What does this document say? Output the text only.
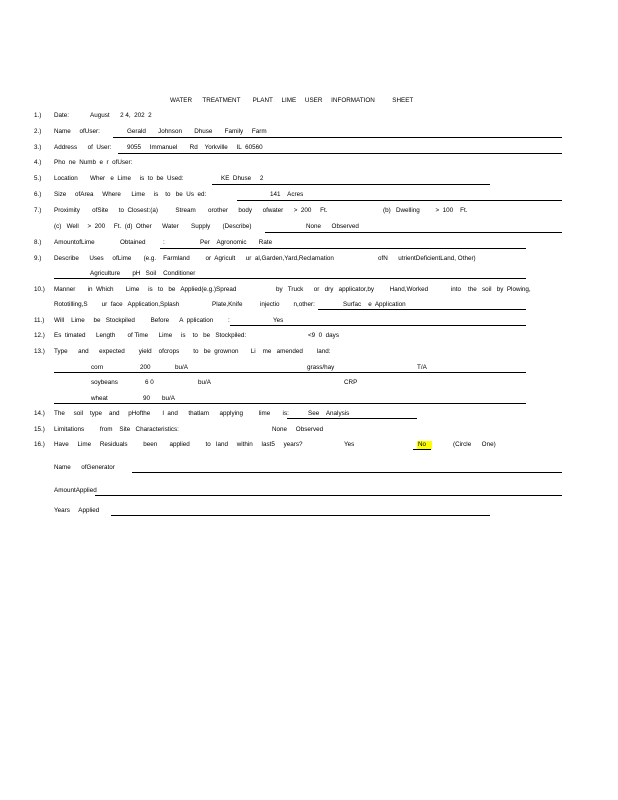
WATER      TREATMENT       PLANT     LIME     USER     INFORMATION          SHEET
1.) Date:	August      2 4,  202  2
2.) Name     ofUser:	Gerald       Johnson       Dhuse       Family     Farm
3.) Address      of  User: 9055     Immanuel       Rd    Yorkville     IL  60560
4.) Pho  ne  Numb  e  r  ofUser:
5.) Location       Wher   e  Lime     is  to  be  Used:	KE  Dhuse     2
6.) Size     ofArea     Where      Lime     is    to   be  Us  ed:	141    Acres
7.) Proximity       ofSite      to  Closest:(a)          Stream       orother      body      ofwater      >  200     Ft.	(b)   Dwelling         >  100    Ft.
(c)   Well     >  200     Ft.  (d)  Other      Water       Supply       (Describe)	None      Observed
8.) AmountofLime	Obtained          :	Per    Agronomic       Rate
9.) Describe      Uses     ofLime       (e.g.    Farmland         or  Agricult      ur  al,Garden,Yard,Reclamation	ofN      utrientDeficientLand, Other)
Agriculture       pH   Soil    Conditioner
10.) Manner       in  Which       Lime     is   to   be   Applied(e.g.)Spread	by   Truck      or   dry   applicator,by         Hand,Worked             into    the   soil   by  Plowing,
Rototilling,S        ur  face   Application,Splash	Plate,Knife          injectio        n,other:	Surfac    e  Application
11.) Will    Lime     be   Stockpiled         Before      A  pplication :	Yes
12.) Es  timated      Length       of Time      Lime     is    to   be   Stockpiled:	<9  0  days
13.) Type      and      expected        yield    ofcrops        to   be  grownon       Li    me   amended        land:
corn	200	bu/A	grass/hay	T/A
soybeans	6 0	bu/A	CRP
wheat	90 bu/A
14.) The     soil    type    and     pHofthe       l  and      thatlam      applying         lime       is:	See    Analysis
15.) Limitations         from    Site   Characteristics:	None     Observed
16.) Have     Lime     Residuals         been       applied         to   land     within     last5     years?	Yes	No	(Circle      One)
Name      ofGenerator
AmountApplied
Years     Applied
